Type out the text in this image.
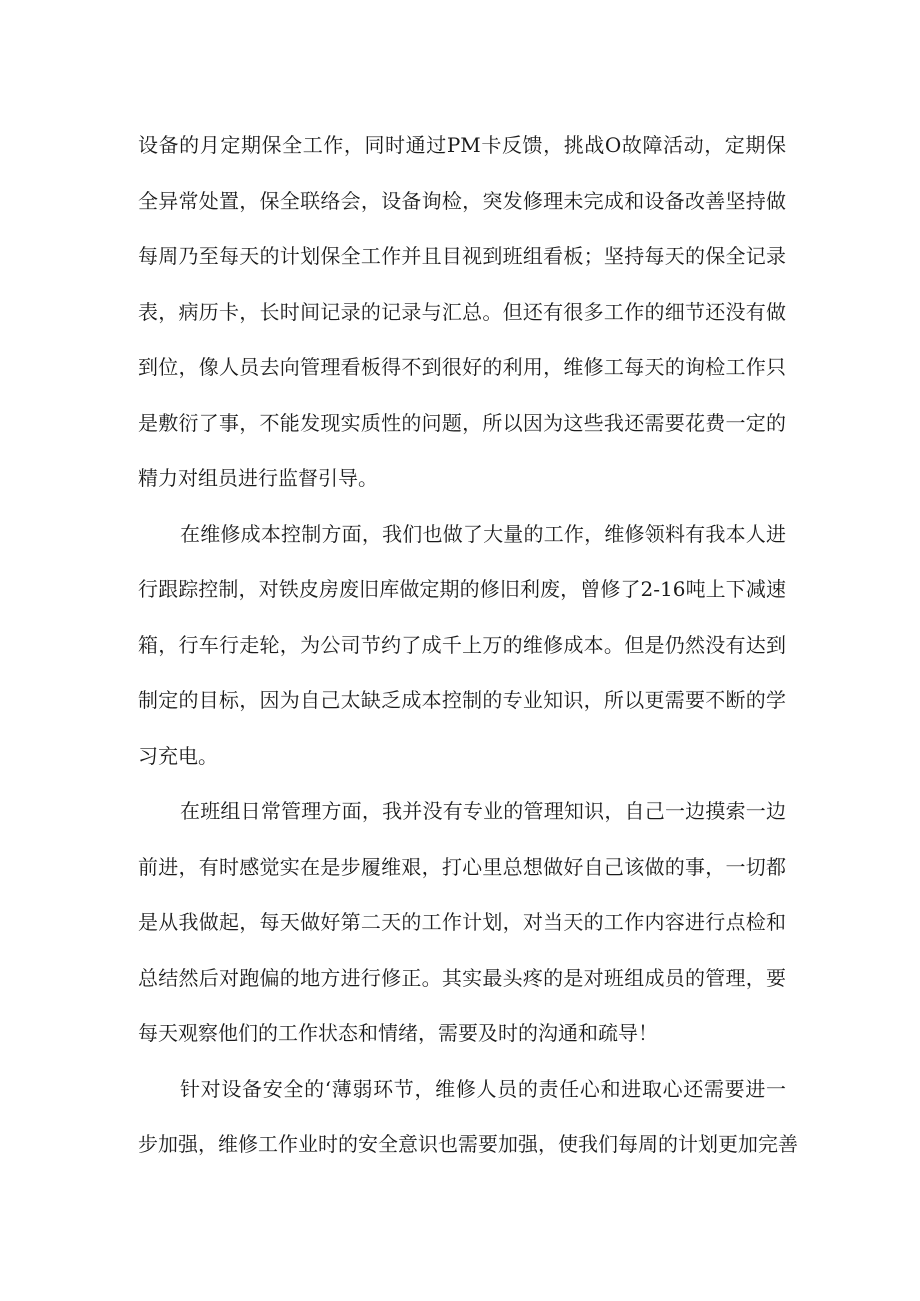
设备的月定期保全工作，同时通过PM卡反馈，挑战O故障活动，定期保
全异常处置，保全联络会，设备询检，突发修理未完成和设备改善坚持做
每周乃至每天的计划保全工作并且目视到班组看板；坚持每天的保全记录
表，病历卡，长时间记录的记录与汇总。但还有很多工作的细节还没有做
到位，像人员去向管理看板得不到很好的利用，维修工每天的询检工作只
是敷衍了事，不能发现实质性的问题，所以因为这些我还需要花费一定的
精力对组员进行监督引导。
在维修成本控制方面，我们也做了大量的工作，维修领料有我本人进
行跟踪控制，对铁皮房废旧库做定期的修旧利废，曾修了2-16吨上下减速
箱，行车行走轮，为公司节约了成千上万的维修成本。但是仍然没有达到
制定的目标，因为自己太缺乏成本控制的专业知识，所以更需要不断的学
习充电。
在班组日常管理方面，我并没有专业的管理知识，自己一边摸索一边
前进，有时感觉实在是步履维艰，打心里总想做好自己该做的事，一切都
是从我做起，每天做好第二天的工作计划，对当天的工作内容进行点检和
总结然后对跑偏的地方进行修正。其实最头疼的是对班组成员的管理，要
每天观察他们的工作状态和情绪，需要及时的沟通和疏导！
针对设备安全的‘薄弱环节，维修人员的责任心和进取心还需要进一
步加强，维修工作业时的安全意识也需要加强，使我们每周的计划更加完善
